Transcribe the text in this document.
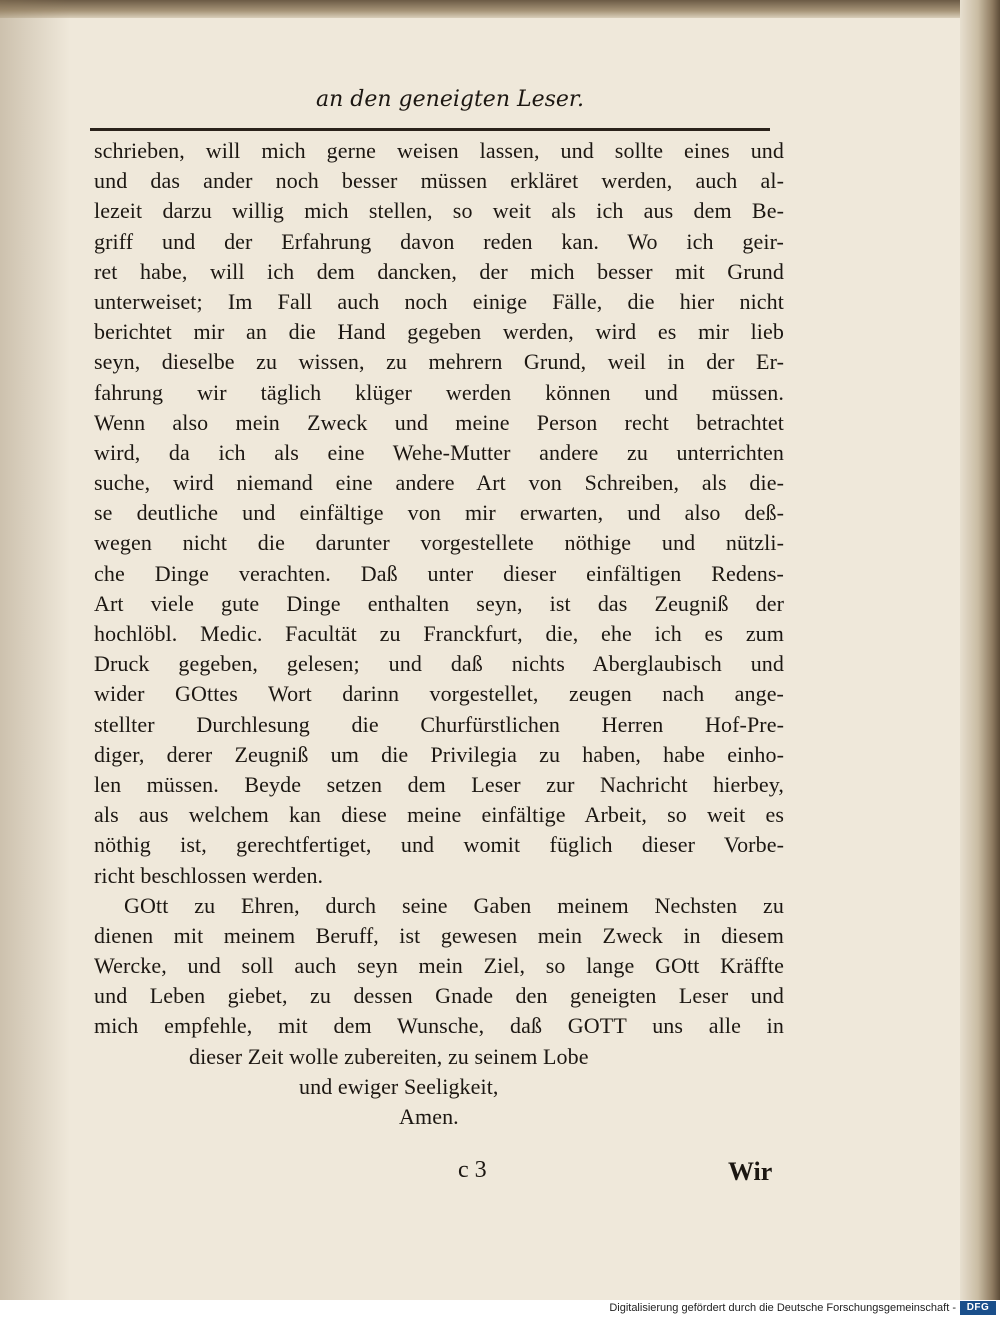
an den geneigten Leser.
schrieben, will mich gerne weisen lassen, und sollte eines und
und das ander noch besser müssen erkläret werden, auch al-
lezeit darzu willig mich stellen, so weit als ich aus dem Be-
griff und der Erfahrung davon reden kan. Wo ich geir-
ret habe, will ich dem dancken, der mich besser mit Grund
unterweiset; Im Fall auch noch einige Fälle, die hier nicht
berichtet mir an die Hand gegeben werden, wird es mir lieb
seyn, dieselbe zu wissen, zu mehrern Grund, weil in der Er-
fahrung wir täglich klüger werden können und müssen.
Wenn also mein Zweck und meine Person recht betrachtet
wird, da ich als eine Wehe-Mutter andere zu unterrichten
suche, wird niemand eine andere Art von Schreiben, als die-
se deutliche und einfältige von mir erwarten, und also deß-
wegen nicht die darunter vorgestellete nöthige und nützli-
che Dinge verachten. Daß unter dieser einfältigen Redens-
Art viele gute Dinge enthalten seyn, ist das Zeugniß der
hochlöbl. Medic. Facultät zu Franckfurt, die, ehe ich es zum
Druck gegeben, gelesen; und daß nichts Aberglaubisch und
wider GOttes Wort darinn vorgestellet, zeugen nach ange-
stellter Durchlesung die Churfürstlichen Herren Hof-Pre-
diger, derer Zeugniß um die Privilegia zu haben, habe einho-
len müssen. Beyde setzen dem Leser zur Nachricht hierbey,
als aus welchem kan diese meine einfältige Arbeit, so weit es
nöthig ist, gerechtfertiget, und womit füglich dieser Vorbe-
richt beschlossen werden.
GOtt zu Ehren, durch seine Gaben meinem Nechsten zu
dienen mit meinem Beruff, ist gewesen mein Zweck in diesem
Wercke, und soll auch seyn mein Ziel, so lange GOtt Kräffte
und Leben giebet, zu dessen Gnade den geneigten Leser und
mich empfehle, mit dem Wunsche, daß GOTT uns alle in
dieser Zeit wolle zubereiten, zu seinem Lobe
und ewiger Seeligkeit,
Amen.
c 3	Wir
Digitalisierung gefördert durch die Deutsche Forschungsgemeinschaft -	DFG
